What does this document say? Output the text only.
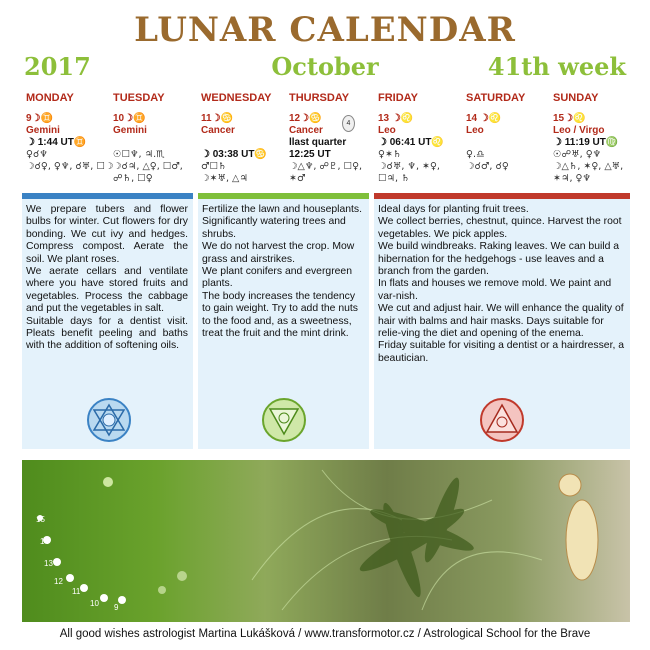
LUNAR CALENDAR
2017	October	41th week
MONDAY
9☽♊
Gemini
☽ 1:44 UT♊
♀☌♆
☽☌♀, ♀♆, ☌♅, ☐☽
TUESDAY
10☽♊
Gemini
☉☐♆, ♃.♏
☽☌♃, △♀, ☐♂,
☍♄, ☐♀
WEDNESDAY
11☽♋
Cancer
☽ 03:38 UT♋
♂☐♄
☽✶♅, △♃
THURSDAY
12☽♋
Cancer
llast quarter
12:25 UT
☽△♆, ☍♇, ☐♀,
✶♂
4
FRIDAY
13 ☽♌
Leo
☽ 06:41 UT♌
♀✶♄
☽☌♅, ♆, ✶♀,
☐♃, ♄
SATURDAY
14 ☽♌
Leo
♀.♎
☽☌♂, ☌♀
SUNDAY
15☽♌
Leo / Virgo
☽ 11:19 UT♍
☉☍♅, ♀♆
☽△♄, ✶♀, △♅,
✶♃, ♀♆

We prepare tubers and flower bulbs for winter. Cut flowers for dry bonding. We cut ivy and hedges. Compress compost. Aerate the soil. We plant roses.

We aerate cellars and ventilate where you have stored fruits and vegetables. Process the cabbage and put the vegetables in salt.

Suitable days for a dentist visit. Pleats benefit peeling and baths with the addition of softening oils.

Fertilize the lawn and houseplants. Significantly watering trees and shrubs.

We do not harvest the crop. Mow grass and airstrikes.

We plant conifers and evergreen plants.

The body increases the tendency to gain weight. Try to add the nuts to the food and, as a sweetness, treat the fruit and the mint drink.

Ideal days for planting fruit trees.

We collect berries, chestnut, quince. Harvest the root vegetables. We pick apples.

We build windbreaks. Raking leaves. We can build a hibernation for the hedgehogs - use leaves and a branch from the garden.

In flats and houses we remove mold. We paint and var-nish.

We cut and adjust hair. We will enhance the quality of hair with balms and hair masks. Days suitable for relie-ving the diet and opening of the enema.

Friday suitable for visiting a dentist or a hairdresser, a beautician.

15
14
13
12
11
10 9
All good wishes astrologist Martina Lukášková / www.transformotor.cz / Astrological School for the Brave
